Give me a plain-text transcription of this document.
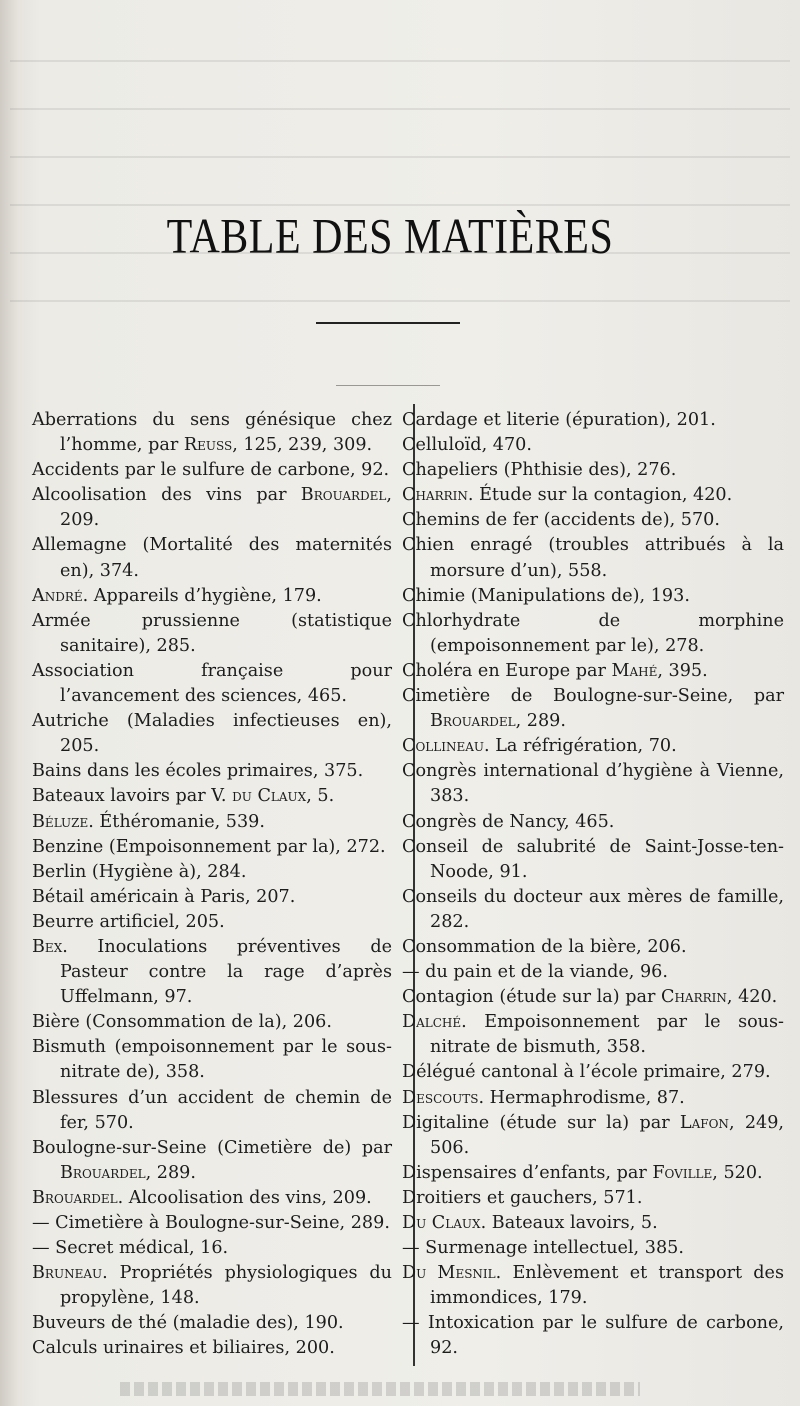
TABLE DES MATIÈRES
Aberrations du sens génésique chez l’homme, par Reuss, 125, 239, 309.
Accidents par le sulfure de carbone, 92.
Alcoolisation des vins par Brouardel, 209.
Allemagne (Mortalité des maternités en), 374.
André. Appareils d’hygiène, 179.
Armée prussienne (statistique sanitaire), 285.
Association française pour l’avancement des sciences, 465.
Autriche (Maladies infectieuses en), 205.
Bains dans les écoles primaires, 375.
Bateaux lavoirs par V. du Claux, 5.
Béluze. Éthéromanie, 539.
Benzine (Empoisonnement par la), 272.
Berlin (Hygiène à), 284.
Bétail américain à Paris, 207.
Beurre artificiel, 205.
Bex. Inoculations préventives de Pasteur contre la rage d’après Uffelmann, 97.
Bière (Consommation de la), 206.
Bismuth (empoisonnement par le sous-nitrate de), 358.
Blessures d’un accident de chemin de fer, 570.
Boulogne-sur-Seine (Cimetière de) par Brouardel, 289.
Brouardel. Alcoolisation des vins, 209.
— Cimetière à Boulogne-sur-Seine, 289.
— Secret médical, 16.
Bruneau. Propriétés physiologiques du propylène, 148.
Buveurs de thé (maladie des), 190.
Calculs urinaires et biliaires, 200.
Cardage et literie (épuration), 201.
Celluloïd, 470.
Chapeliers (Phthisie des), 276.
Charrin. Étude sur la contagion, 420.
Chemins de fer (accidents de), 570.
Chien enragé (troubles attribués à la morsure d’un), 558.
Chimie (Manipulations de), 193.
Chlorhydrate de morphine (empoisonnement par le), 278.
Choléra en Europe par Mahé, 395.
Cimetière de Boulogne-sur-Seine, par Brouardel, 289.
Collineau. La réfrigération, 70.
Congrès international d’hygiène à Vienne, 383.
Congrès de Nancy, 465.
Conseil de salubrité de Saint-Josse-ten-Noode, 91.
Conseils du docteur aux mères de famille, 282.
Consommation de la bière, 206.
— du pain et de la viande, 96.
Contagion (étude sur la) par Charrin, 420.
Dalché. Empoisonnement par le sous-nitrate de bismuth, 358.
Délégué cantonal à l’école primaire, 279.
Descouts. Hermaphrodisme, 87.
Digitaline (étude sur la) par Lafon, 249, 506.
Dispensaires d’enfants, par Foville, 520.
Droitiers et gauchers, 571.
Du Claux. Bateaux lavoirs, 5.
— Surmenage intellectuel, 385.
Du Mesnil. Enlèvement et transport des immondices, 179.
— Intoxication par le sulfure de carbone, 92.
